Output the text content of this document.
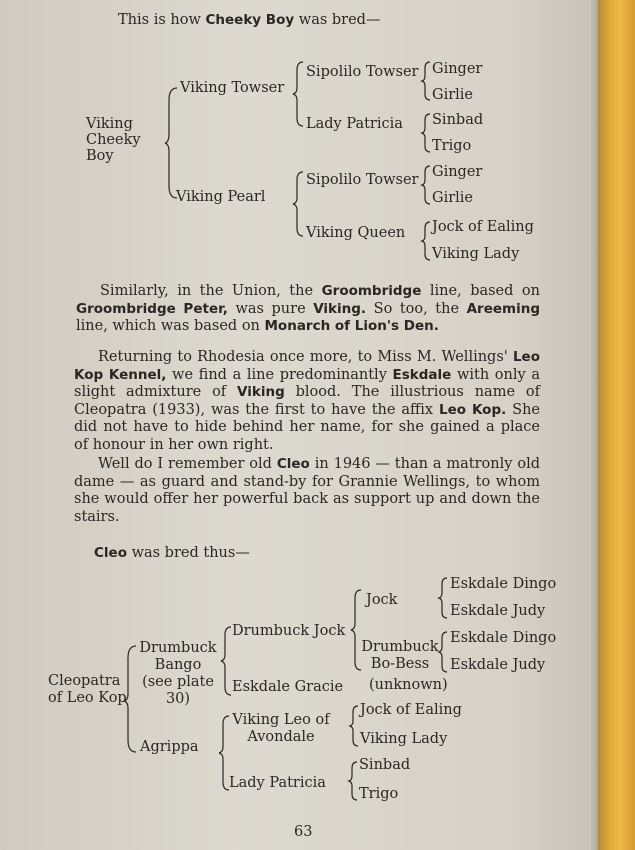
This is how Cheeky Boy was bred—
Viking
Cheeky
Boy
Viking Towser
Viking Pearl
Sipolilo Towser
Lady Patricia
Sipolilo Towser
Viking Queen
Ginger
Girlie
Sinbad
Trigo
Ginger
Girlie
Jock of Ealing
Viking Lady
Similarly, in the Union, the Groombridge line, based on Groombridge Peter, was pure Viking. So too, the Areeming line, which was based on Monarch of Lion's Den.
Returning to Rhodesia once more, to Miss M. Wellings' Leo Kop Kennel, we find a line predominantly Eskdale with only a slight admixture of Viking blood. The illustrious name of Cleopatra (1933), was the first to have the affix Leo Kop. She did not have to hide behind her name, for she gained a place of honour in her own right.
Well do I remember old Cleo in 1946 — than a matronly old dame — as guard and stand-by for Grannie Wellings, to whom she would offer her powerful back as support up and down the stairs.
Cleo was bred thus—
Cleopatra
of Leo Kop
Drumbuck
Bango
(see plate
30)
Agrippa
Drumbuck Jock
Eskdale Gracie
Viking Leo of
Avondale
Lady Patricia
Jock
Drumbuck
Bo-Bess
(unknown)
Jock of Ealing
Viking Lady
Sinbad
Trigo
Eskdale Dingo
Eskdale Judy
Eskdale Dingo
Eskdale Judy
63
